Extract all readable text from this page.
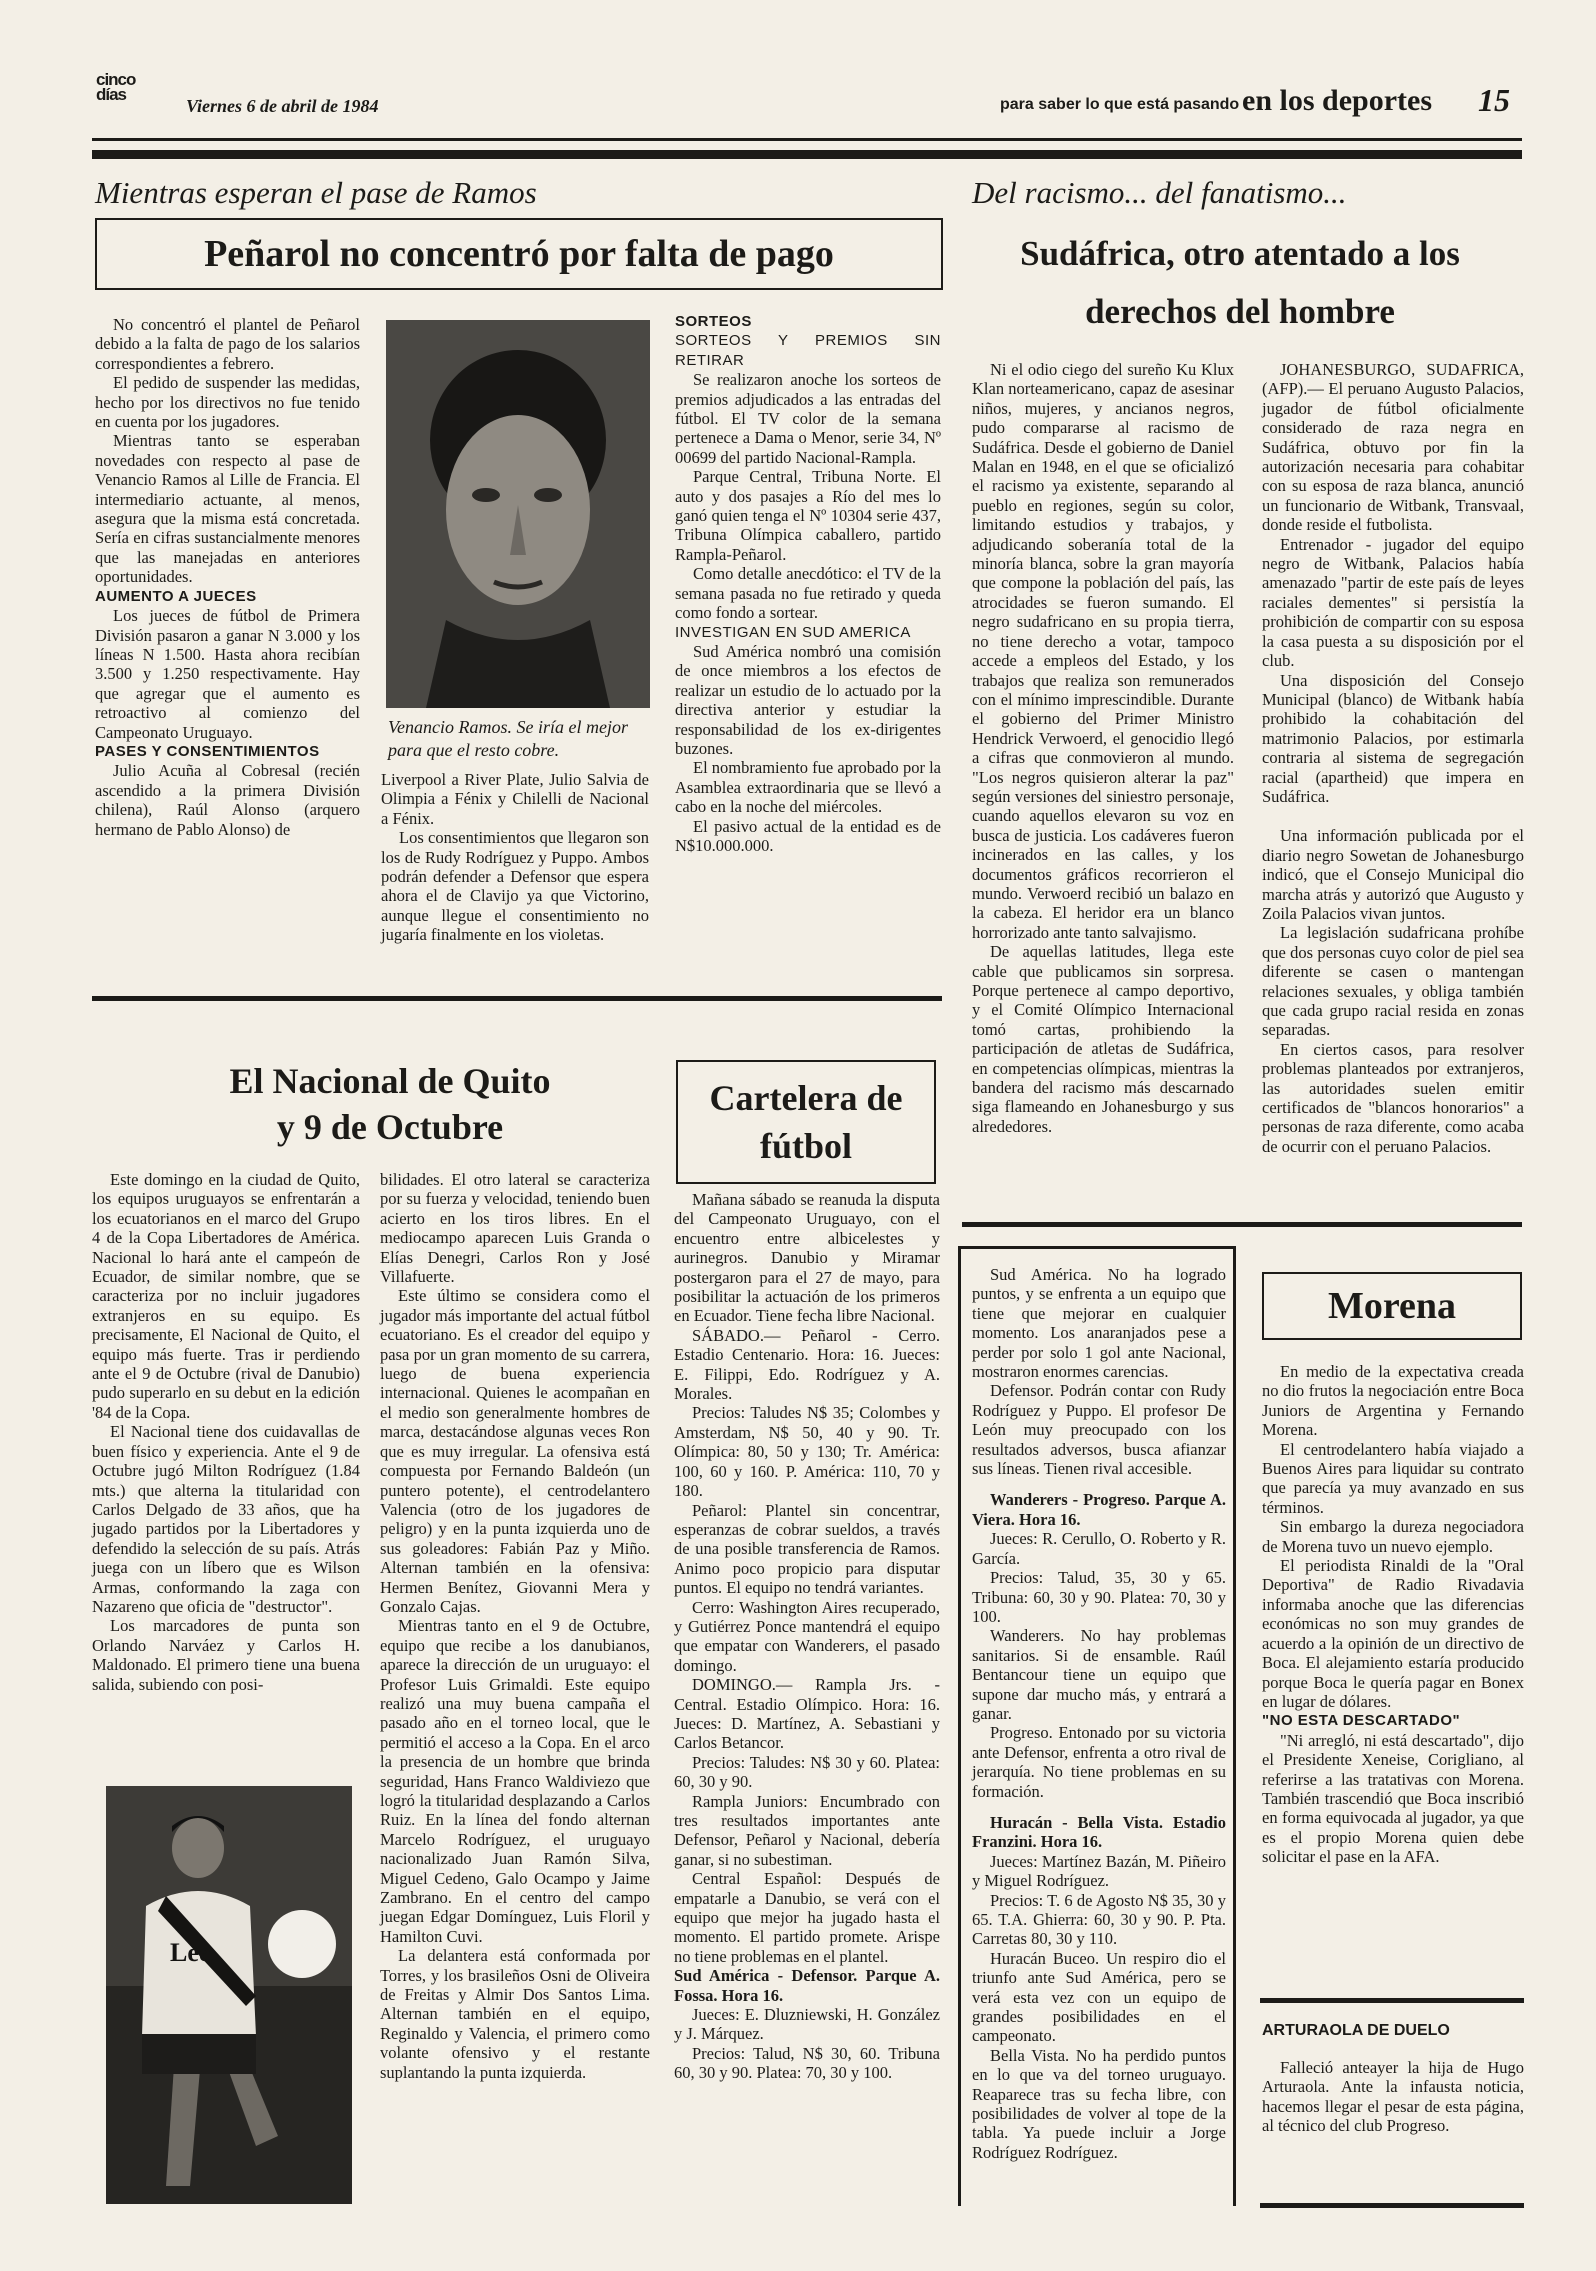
cinco días
Viernes 6 de abril de 1984	para saber lo que está pasando en los deportes 15
Mientras esperan el pase de Ramos
Peñarol no concentró por falta de pago

No concentró el plantel de Peñarol debido a la falta de pago de los salarios correspondientes a febrero.

El pedido de suspender las medidas, hecho por los directivos no fue tenido en cuenta por los jugadores.

Mientras tanto se esperaban novedades con respecto al pase de Venancio Ramos al Lille de Francia. El intermediario actuante, al menos, asegura que la misma está concretada. Sería en cifras sustancialmente menores que las manejadas en anteriores oportunidades.

AUMENTO A JUECES

Los jueces de fútbol de Primera División pasaron a ganar N 3.000 y los líneas N 1.500. Hasta ahora recibían 3.500 y 1.250 respectivamente. Hay que agregar que el aumento es retroactivo al comienzo del Campeonato Uruguayo.

PASES Y CONSENTIMIENTOS

Julio Acuña al Cobresal (recién ascendido a la primera División chilena), Raúl Alonso (arquero hermano de Pablo Alonso) de

Venancio Ramos. Se iría el mejor para que el resto cobre.

Liverpool a River Plate, Julio Salvia de Olimpia a Fénix y Chilelli de Nacional a Fénix.

Los consentimientos que llegaron son los de Rudy Rodríguez y Puppo. Ambos podrán defender a Defensor que espera ahora el de Clavijo ya que Victorino, aunque llegue el consentimiento no jugaría finalmente en los violetas.

SORTEOS

SORTEOS Y PREMIOS SIN RETIRAR

Se realizaron anoche los sorteos de premios adjudicados a las entradas del fútbol. El TV color de la semana pertenece a Dama o Menor, serie 34, Nº 00699 del partido Nacional-Rampla.

Parque Central, Tribuna Norte. El auto y dos pasajes a Río del mes lo ganó quien tenga el Nº 10304 serie 437, Tribuna Olímpica caballero, partido Rampla-Peñarol.

Como detalle anecdótico: el TV de la semana pasada no fue retirado y queda como fondo a sortear.

INVESTIGAN EN SUD AMERICA

Sud América nombró una comisión de once miembros a los efectos de realizar un estudio de lo actuado por la directiva anterior y estudiar la responsabilidad de los ex-dirigentes buzones.

El nombramiento fue aprobado por la Asamblea extraordinaria que se llevó a cabo en la noche del miércoles.

El pasivo actual de la entidad es de N$10.000.000.

Del racismo... del fanatismo...
Sudáfrica, otro atentado a los derechos del hombre

Ni el odio ciego del sureño Ku Klux Klan norteamericano, capaz de asesinar niños, mujeres, y ancianos negros, pudo compararse al racismo de Sudáfrica. Desde el gobierno de Daniel Malan en 1948, en el que se oficializó el racismo ya existente, separando al pueblo en regiones, según su color, limitando estudios y trabajos, y adjudicando soberanía total de la minoría blanca, sobre la gran mayoría que compone la población del país, las atrocidades se fueron sumando. El negro sudafricano en su propia tierra, no tiene derecho a votar, tampoco accede a empleos del Estado, y los trabajos que realiza son remunerados con el mínimo imprescindible. Durante el gobierno del Primer Ministro Hendrick Verwoerd, el genocidio llegó a cifras que conmovieron al mundo. "Los negros quisieron alterar la paz" según versiones del siniestro personaje, cuando aquellos elevaron su voz en busca de justicia. Los cadáveres fueron incinerados en las calles, y los documentos gráficos recorrieron el mundo. Verwoerd recibió un balazo en la cabeza. El heridor era un blanco horrorizado ante tanto salvajismo.

De aquellas latitudes, llega este cable que publicamos sin sorpresa. Porque pertenece al campo deportivo, y el Comité Olímpico Internacional tomó cartas, prohibiendo la participación de atletas de Sudáfrica, en competencias olímpicas, mientras la bandera del racismo más descarnado siga flameando en Johanesburgo y sus alrededores.

JOHANESBURGO, SUDAFRICA, (AFP).— El peruano Augusto Palacios, jugador de fútbol oficialmente considerado de raza negra en Sudáfrica, obtuvo por fin la autorización necesaria para cohabitar con su esposa de raza blanca, anunció un funcionario de Witbank, Transvaal, donde reside el futbolista.

Entrenador - jugador del equipo negro de Witbank, Palacios había amenazado "partir de este país de leyes raciales dementes" si persistía la prohibición de compartir con su esposa la casa puesta a su disposición por el club.

Una disposición del Consejo Municipal (blanco) de Witbank había prohibido la cohabitación del matrimonio Palacios, por estimarla contraria al sistema de segregación racial (apartheid) que impera en Sudáfrica.

Una información publicada por el diario negro Sowetan de Johanesburgo indicó, que el Consejo Municipal dio marcha atrás y autorizó que Augusto y Zoila Palacios vivan juntos.

La legislación sudafricana prohíbe que dos personas cuyo color de piel sea diferente se casen o mantengan relaciones sexuales, y obliga también que cada grupo racial resida en zonas separadas.

En ciertos casos, para resolver problemas planteados por extranjeros, las autoridades suelen emitir certificados de "blancos honorarios" a personas de raza diferente, como acaba de ocurrir con el peruano Palacios.

El Nacional de Quito
y 9 de Octubre

Este domingo en la ciudad de Quito, los equipos uruguayos se enfrentarán a los ecuatorianos en el marco del Grupo 4 de la Copa Libertadores de América. Nacional lo hará ante el campeón de Ecuador, de similar nombre, que se caracteriza por no incluir jugadores extranjeros en su equipo. Es precisamente, El Nacional de Quito, el equipo más fuerte. Tras ir perdiendo ante el 9 de Octubre (rival de Danubio) pudo superarlo en su debut en la edición '84 de la Copa.

El Nacional tiene dos cuidavallas de buen físico y experiencia. Ante el 9 de Octubre jugó Milton Rodríguez (1.84 mts.) que alterna la titularidad con Carlos Delgado de 33 años, que ha jugado partidos por la Libertadores y defendido la selección de su país. Atrás juega con un líbero que es Wilson Armas, conformando la zaga con Nazareno que oficia de "destructor".

Los marcadores de punta son Orlando Narváez y Carlos H. Maldonado. El primero tiene una buena salida, subiendo con posi-

Lee

bilidades. El otro lateral se caracteriza por su fuerza y velocidad, teniendo buen acierto en los tiros libres. En el mediocampo aparecen Luis Granda o Elías Denegri, Carlos Ron y José Villafuerte.

Este último se considera como el jugador más importante del actual fútbol ecuatoriano. Es el creador del equipo y pasa por un gran momento de su carrera, luego de buena experiencia internacional. Quienes le acompañan en el medio son generalmente hombres de marca, destacándose algunas veces Ron que es muy irregular. La ofensiva está compuesta por Fernando Baldeón (un puntero potente), el centrodelantero Valencia (otro de los jugadores de peligro) y en la punta izquierda uno de sus goleadores: Fabián Paz y Miño. Alternan también en la ofensiva: Hermen Benítez, Giovanni Mera y Gonzalo Cajas.

Mientras tanto en el 9 de Octubre, equipo que recibe a los danubianos, aparece la dirección de un uruguayo: el Profesor Luis Grimaldi. Este equipo realizó una muy buena campaña el pasado año en el torneo local, que le permitió el acceso a la Copa. En el arco la presencia de un hombre que brinda seguridad, Hans Franco Waldiviezo que logró la titularidad desplazando a Carlos Ruiz. En la línea del fondo alternan Marcelo Rodríguez, el uruguayo nacionalizado Juan Ramón Silva, Miguel Cedeno, Galo Ocampo y Jaime Zambrano. En el centro del campo juegan Edgar Domínguez, Luis Floril y Hamilton Cuvi.

La delantera está conformada por Torres, y los brasileños Osni de Oliveira de Freitas y Almir Dos Santos Lima. Alternan también en el equipo, Reginaldo y Valencia, el primero como volante ofensivo y el restante suplantando la punta izquierda.

Cartelera de
fútbol

Mañana sábado se reanuda la disputa del Campeonato Uruguayo, con el encuentro entre albicelestes y aurinegros. Danubio y Miramar postergaron para el 27 de mayo, para posibilitar la actuación de los primeros en Ecuador. Tiene fecha libre Nacional.

SÁBADO.— Peñarol - Cerro. Estadio Centenario. Hora: 16. Jueces: E. Filippi, Edo. Rodríguez y A. Morales.

Precios: Taludes N$ 35; Colombes y Amsterdam, N$ 50, 40 y 90. Tr. Olímpica: 80, 50 y 130; Tr. América: 100, 60 y 160. P. América: 110, 70 y 180.

Peñarol: Plantel sin concentrar, esperanzas de cobrar sueldos, a través de una posible transferencia de Ramos. Animo poco propicio para disputar puntos. El equipo no tendrá variantes.

Cerro: Washington Aires recuperado, y Gutiérrez Ponce mantendrá el equipo que empatar con Wanderers, el pasado domingo.

DOMINGO.— Rampla Jrs. - Central. Estadio Olímpico. Hora: 16. Jueces: D. Martínez, A. Sebastiani y Carlos Betancor.

Precios: Taludes: N$ 30 y 60. Platea: 60, 30 y 90.

Rampla Juniors: Encumbrado con tres resultados importantes ante Defensor, Peñarol y Nacional, debería ganar, si no subestiman.

Central Español: Después de empatarle a Danubio, se verá con el equipo que mejor ha jugado hasta el momento. El partido promete. Arispe no tiene problemas en el plantel.

Sud América - Defensor. Parque A. Fossa. Hora 16.

Jueces: E. Dluzniewski, H. González y J. Márquez.

Precios: Talud, N$ 30, 60. Tribuna 60, 30 y 90. Platea: 70, 30 y 100.

Sud América. No ha logrado puntos, y se enfrenta a un equipo que tiene que mejorar en cualquier momento. Los anaranjados pese a perder por solo 1 gol ante Nacional, mostraron enormes carencias.

Defensor. Podrán contar con Rudy Rodríguez y Puppo. El profesor De León muy preocupado con los resultados adversos, busca afianzar sus líneas. Tienen rival accesible.

Wanderers - Progreso. Parque A. Viera. Hora 16.

Jueces: R. Cerullo, O. Roberto y R. García.

Precios: Talud, 35, 30 y 65. Tribuna: 60, 30 y 90. Platea: 70, 30 y 100.

Wanderers. No hay problemas sanitarios. Si de ensamble. Raúl Bentancour tiene un equipo que supone dar mucho más, y entrará a ganar.

Progreso. Entonado por su victoria ante Defensor, enfrenta a otro rival de jerarquía. No tiene problemas en su formación.

Huracán - Bella Vista. Estadio Franzini. Hora 16.

Jueces: Martínez Bazán, M. Piñeiro y Miguel Rodríguez.

Precios: T. 6 de Agosto N$ 35, 30 y 65. T.A. Ghierra: 60, 30 y 90. P. Pta. Carretas 80, 30 y 110.

Huracán Buceo. Un respiro dio el triunfo ante Sud América, pero se verá esta vez con un equipo de grandes posibilidades en el campeonato.

Bella Vista. No ha perdido puntos en lo que va del torneo uruguayo. Reaparece tras su fecha libre, con posibilidades de volver al tope de la tabla. Ya puede incluir a Jorge Rodríguez Rodríguez.

Morena

En medio de la expectativa creada no dio frutos la negociación entre Boca Juniors de Argentina y Fernando Morena.

El centrodelantero había viajado a Buenos Aires para liquidar su contrato que parecía ya muy avanzado en sus términos.

Sin embargo la dureza negociadora de Morena tuvo un nuevo ejemplo.

El periodista Rinaldi de la "Oral Deportiva" de Radio Rivadavia informaba anoche que las diferencias económicas no son muy grandes de acuerdo a la opinión de un directivo de Boca. El alejamiento estaría producido porque Boca le quería pagar en Bonex en lugar de dólares.

"NO ESTA DESCARTADO"

"Ni arregló, ni está descartado", dijo el Presidente Xeneise, Corigliano, al referirse a las tratativas con Morena. También trascendió que Boca inscribió en forma equivocada al jugador, ya que es el propio Morena quien debe solicitar el pase en la AFA.

ARTURAOLA DE DUELO

Falleció anteayer la hija de Hugo Arturaola. Ante la infausta noticia, hacemos llegar el pesar de esta página, al técnico del club Progreso.
